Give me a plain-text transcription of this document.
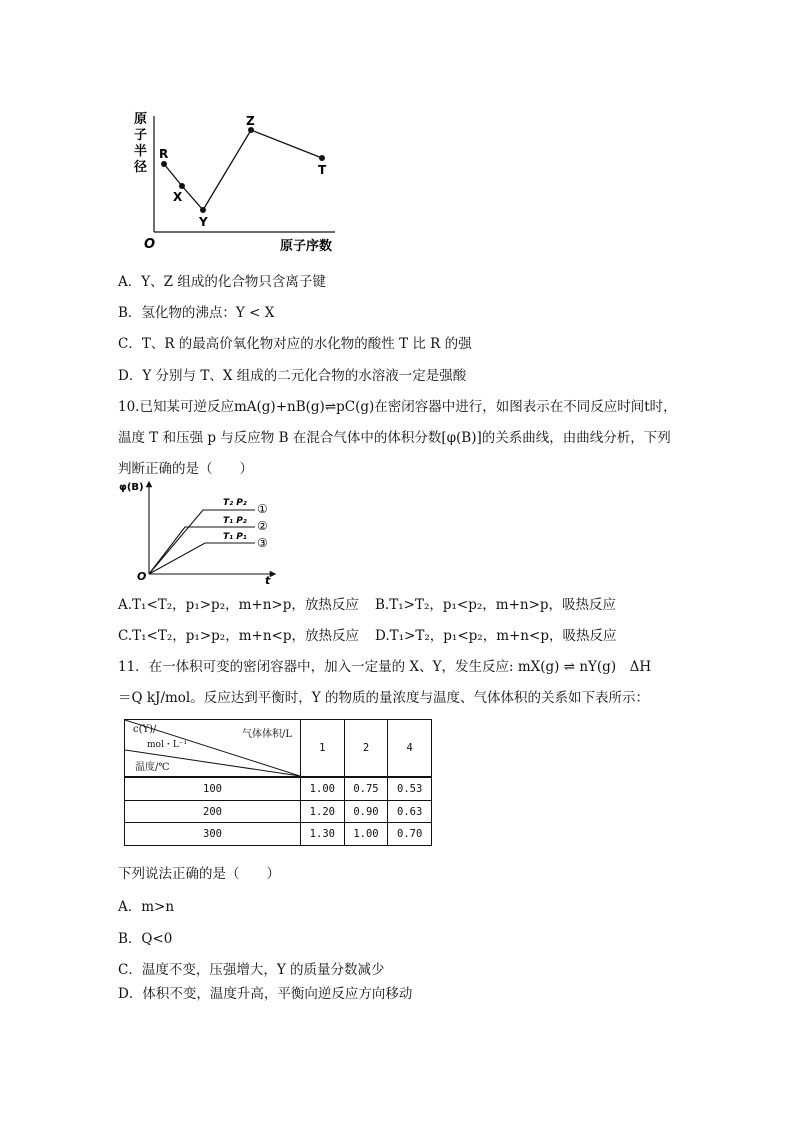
原
子
半
径
O	原子序数
R
X
Y
Z
T
A．Y、Z 组成的化合物只含离子键
B．氢化物的沸点：Y < X
C．T、R 的最高价氧化物对应的水化物的酸性 T 比 R 的强
D．Y 分别与 T、X 组成的二元化合物的水溶液一定是强酸
10.已知某可逆反应mA(g)+nB(g)⇌pC(g)在密闭容器中进行，如图表示在不同反应时间t时，
温度 T 和压强 p 与反应物 B 在混合气体中的体积分数[φ(B)]的关系曲线，由曲线分析，下列
判断正确的是（　　）
φ(B)
O	t
T₂ P₂
T₁ P₂
T₁ P₁
①
②
③
A.T₁<T₂，p₁>p₂，m+n>p，放热反应 B.T₁>T₂，p₁<p₂，m+n>p，吸热反应
C.T₁<T₂，p₁>p₂，m+n<p，放热反应 D.T₁>T₂，p₁<p₂，m+n<p，吸热反应
11．在一体积可变的密闭容器中，加入一定量的 X、Y，发生反应: mX(g) ⇌ nY(g)　ΔH
＝Q kJ/mol。反应达到平衡时，Y 的物质的量浓度与温度、气体体积的关系如下表所示：
c(Y)/
mol・L⁻¹
气体体积/L
温度/℃	1	2	4
100	1.00	0.75	0.53
200	1.20	0.90	0.63
300	1.30	1.00	0.70
下列说法正确的是（　　）
A．m>n
B．Q<0
C．温度不变，压强增大，Y 的质量分数减少
D．体积不变，温度升高，平衡向逆反应方向移动
